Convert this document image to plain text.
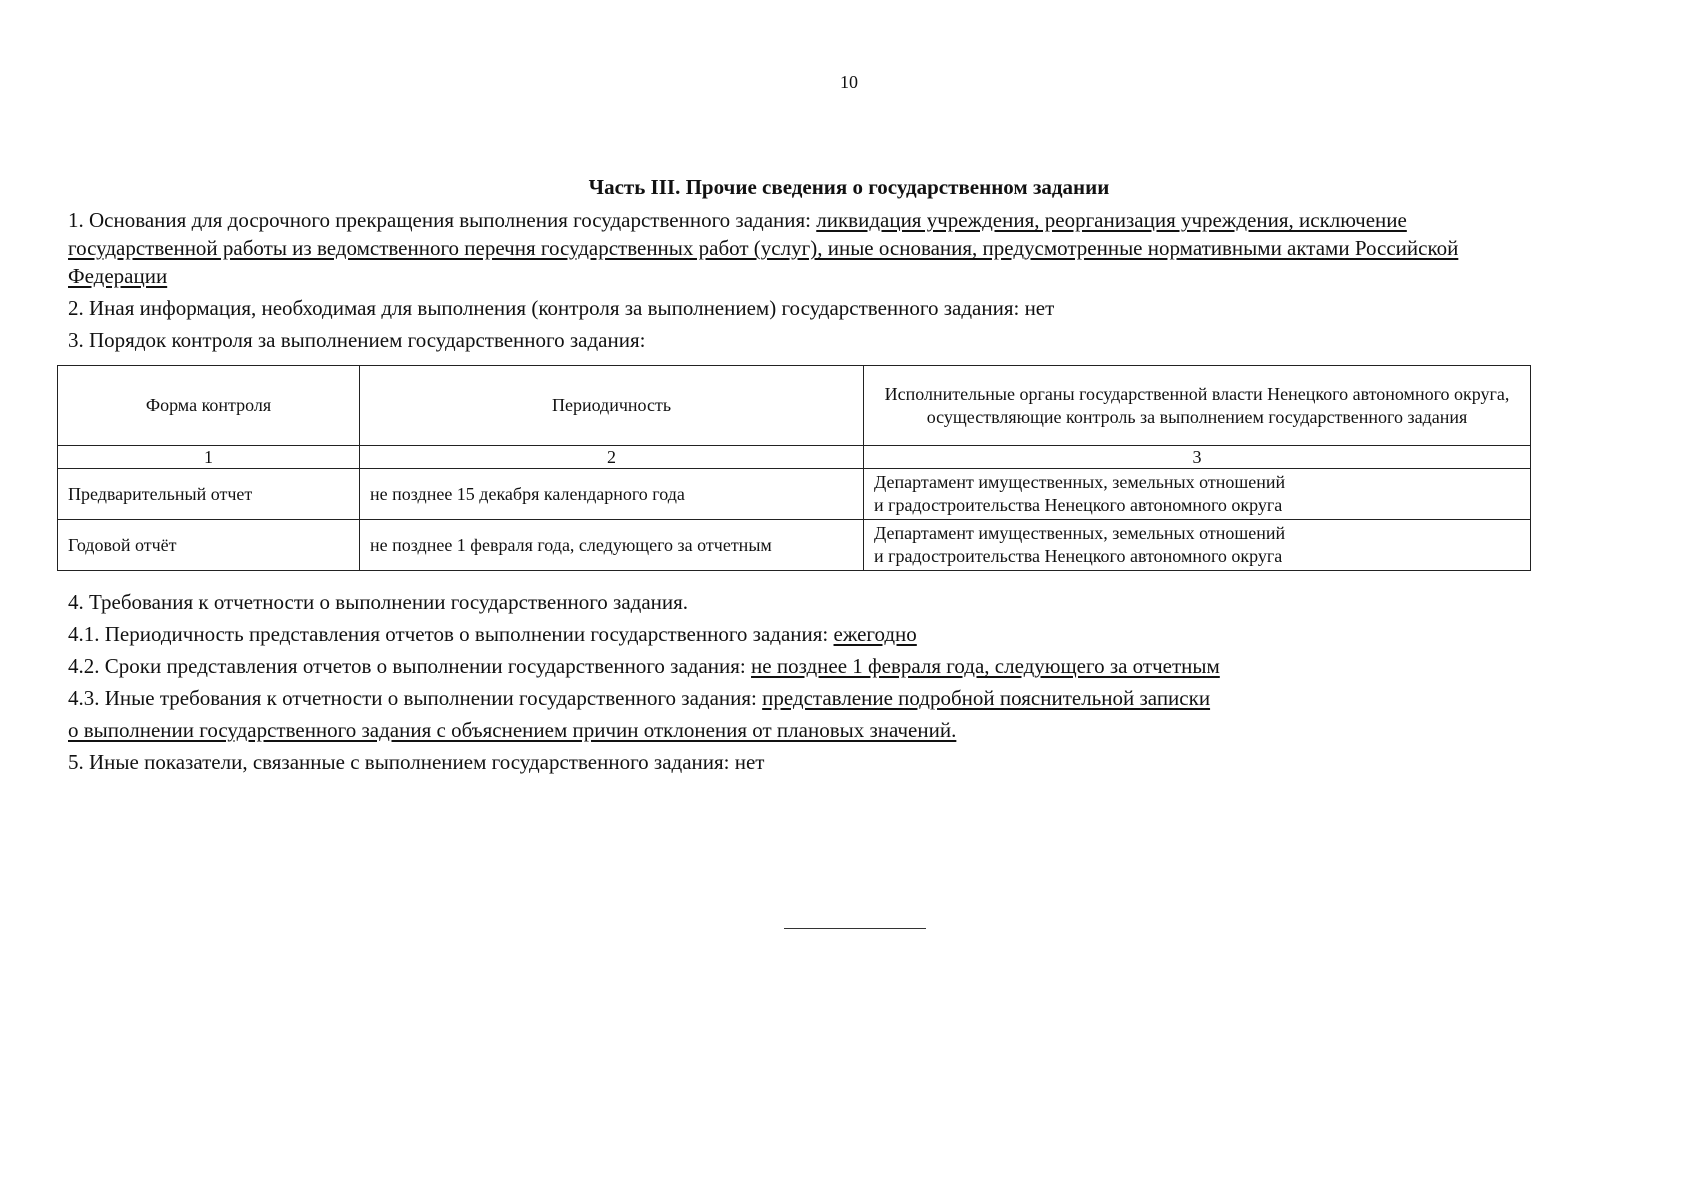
10
Часть III. Прочие сведения о государственном задании

1. Основания для досрочного прекращения выполнения государственного задания: ликвидация учреждения, реорганизация учреждения, исключение государственной работы из ведомственного перечня государственных работ (услуг), иные основания, предусмотренные нормативными актами Российской Федерации

2. Иная информация, необходимая для выполнения (контроля за выполнением) государственного задания: нет

3. Порядок контроля за выполнением государственного задания:

Форма контроля	Периодичность	Исполнительные органы государственной власти Ненецкого автономного округа, осуществляющие контроль за выполнением государственного задания
1	2	3
Предварительный отчет	не позднее 15 декабря календарного года	Департамент имущественных, земельных отношений
и градостроительства Ненецкого автономного округа

Годовой отчёт	не позднее 1 февраля года, следующего за отчетным	Департамент имущественных, земельных отношений
и градостроительства Ненецкого автономного округа

4. Требования к отчетности о выполнении государственного задания.

4.1. Периодичность представления отчетов о выполнении государственного задания: ежегодно

4.2. Сроки представления отчетов о выполнении государственного задания: не позднее 1 февраля года, следующего за отчетным

4.3. Иные требования к отчетности о выполнении государственного задания: представление подробной пояснительной записки

о выполнении государственного задания с объяснением причин отклонения от плановых значений.

5. Иные показатели, связанные с выполнением государственного задания: нет
